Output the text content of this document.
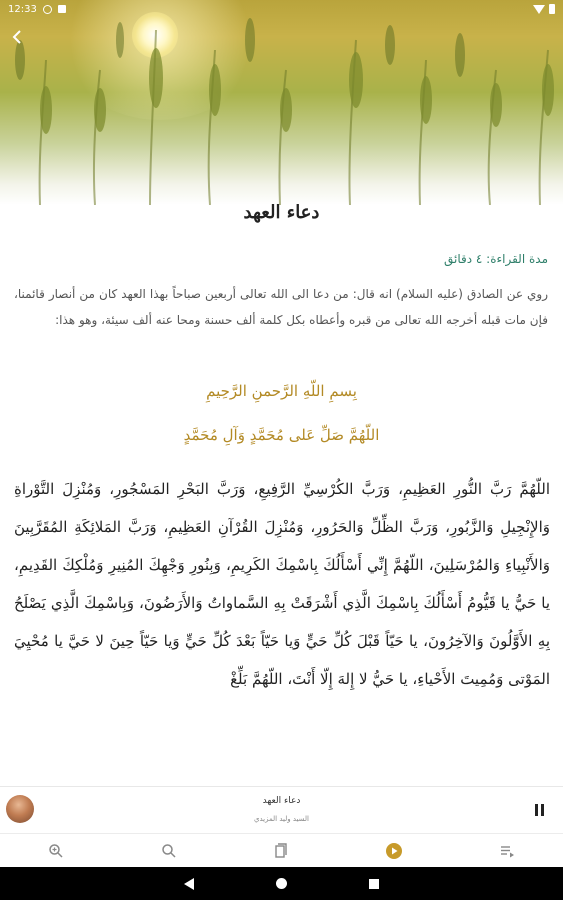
12:33
دعاء العهد
مدة القراءة: ٤ دقائق
روي عن الصادق (عليه السلام) انه قال: من دعا الى الله تعالى أربعين صباحاً بهذا العهد كان من أنصار قائمنا، فإن مات قبله أخرجه الله تعالى من قبره وأعطاه بكل كلمة ألف حسنة ومحا عنه ألف سيئة، وهو هذا:
بِسمِ اللّهِ الرَّحمنِ الرَّحِيمِ
اللّهُمَّ صَلِّ عَلى مُحَمَّدٍ وَآلِ مُحَمَّدٍ
اللّهُمَّ رَبَّ النُّورِ العَظِيمِ، وَرَبَّ الكُرْسِيِّ الرَّفِيعِ، وَرَبَّ البَحْرِ المَسْجُورِ، وَمُنْزِلَ التَّوْراةِ وَالإِنْجِيلِ وَالزَّبُورِ، وَرَبَّ الظِّلِّ وَالحَرُورِ، وَمُنْزِلَ القُرْآنِ العَظِيمِ، وَرَبَّ المَلائِكَةِ المُقَرَّبِينَ وَالأَنْبِياءِ وَالمُرْسَلِينَ، اللّهُمَّ إِنِّي أَسْأَلُكَ بِاسْمِكَ الكَرِيمِ، وَبِنُورِ وَجْهِكَ المُنِيرِ وَمُلْكِكَ القَدِيمِ، يا حَيُّ يا قَيُّومُ أَسْأَلُكَ بِاسْمِكَ الَّذِي أَشْرَقَتْ بِهِ السَّماواتُ وَالأَرَضُونَ، وَبِاسْمِكَ الَّذِي يَصْلَحُ بِهِ الأَوَّلُونَ وَالآخِرُونَ، يا حَيّاً قَبْلَ كُلِّ حَيٍّ وَيا حَيّاً بَعْدَ كُلِّ حَيٍّ وَيا حَيّاً حِينَ لا حَيَّ يا مُحْيِيَ المَوْتى وَمُمِيتَ الأَحْياءِ، يا حَيُّ لا إِلهَ إِلّا أَنْتَ، اللّهُمَّ بَلِّغْ
دعاء العهد
السيد وليد المزيدي
